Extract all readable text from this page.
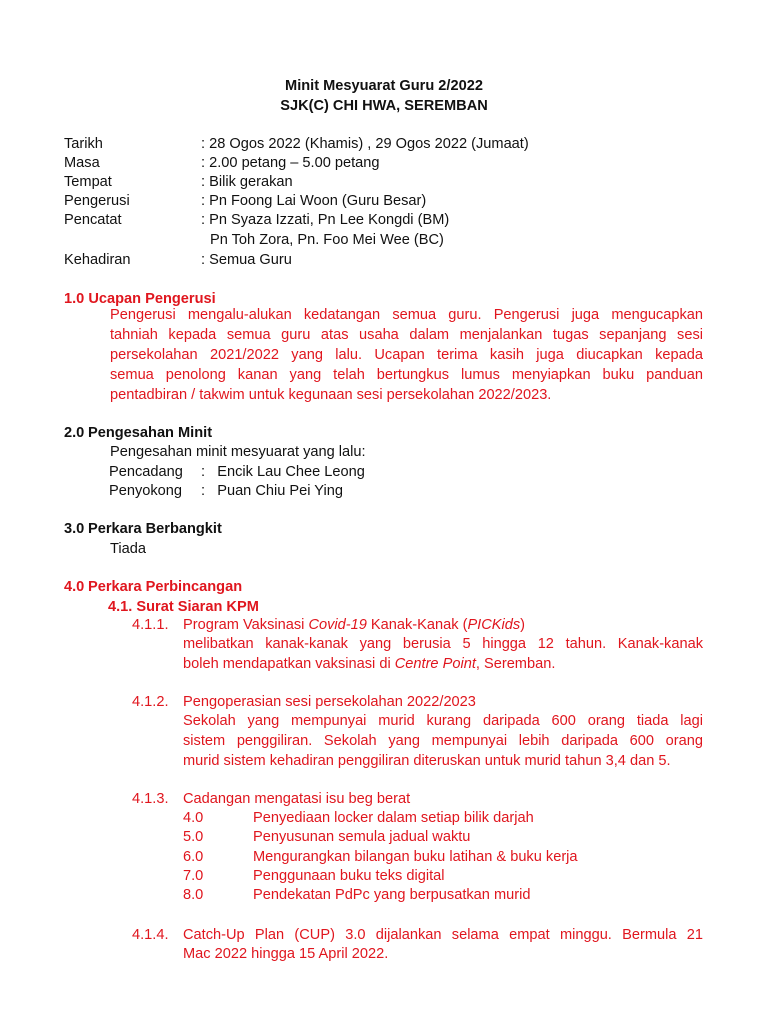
Minit Mesyuarat Guru 2/2022
SJK(C) CHI HWA, SEREMBAN
Tarikh	: 28 Ogos 2022 (Khamis) , 29 Ogos 2022 (Jumaat)
Masa	: 2.00 petang – 5.00 petang
Tempat	: Bilik gerakan
Pengerusi	: Pn Foong Lai Woon (Guru Besar)
Pencatat	: Pn Syaza Izzati, Pn Lee Kongdi (BM)
Pn Toh Zora, Pn. Foo Mei Wee (BC)
Kehadiran	: Semua Guru
1.0 Ucapan Pengerusi
Pengerusi mengalu-alukan kedatangan semua guru. Pengerusi juga mengucapkan
tahniah kepada semua guru atas usaha dalam menjalankan tugas sepanjang sesi
persekolahan 2021/2022 yang lalu. Ucapan terima kasih juga diucapkan kepada
semua penolong kanan yang telah bertungkus lumus menyiapkan buku panduan
pentadbiran / takwim untuk kegunaan sesi persekolahan 2022/2023.
2.0 Pengesahan Minit
Pengesahan minit mesyuarat yang lalu:
Pencadang :   Encik Lau Chee Leong
Penyokong :   Puan Chiu Pei Ying
3.0 Perkara Berbangkit
Tiada
4.0 Perkara Perbincangan
4.1. Surat Siaran KPM
4.1.1. Program Vaksinasi Covid-19 Kanak-Kanak (PICKids)
melibatkan kanak-kanak yang berusia 5 hingga 12 tahun. Kanak-kanak
boleh mendapatkan vaksinasi di Centre Point, Seremban.
4.1.2. Pengoperasian sesi persekolahan 2022/2023
Sekolah yang mempunyai murid kurang daripada 600 orang tiada lagi
sistem penggiliran. Sekolah yang mempunyai lebih daripada 600 orang
murid sistem kehadiran penggiliran diteruskan untuk murid tahun 3,4 dan 5.
4.1.3. Cadangan mengatasi isu beg berat
4.0	Penyediaan locker dalam setiap bilik darjah
5.0	Penyusunan semula jadual waktu
6.0	Mengurangkan bilangan buku latihan & buku kerja
7.0	Penggunaan buku teks digital
8.0	Pendekatan PdPc yang berpusatkan murid
4.1.4. Catch-Up Plan (CUP) 3.0 dijalankan selama empat minggu. Bermula 21
Mac 2022 hingga 15 April 2022.
